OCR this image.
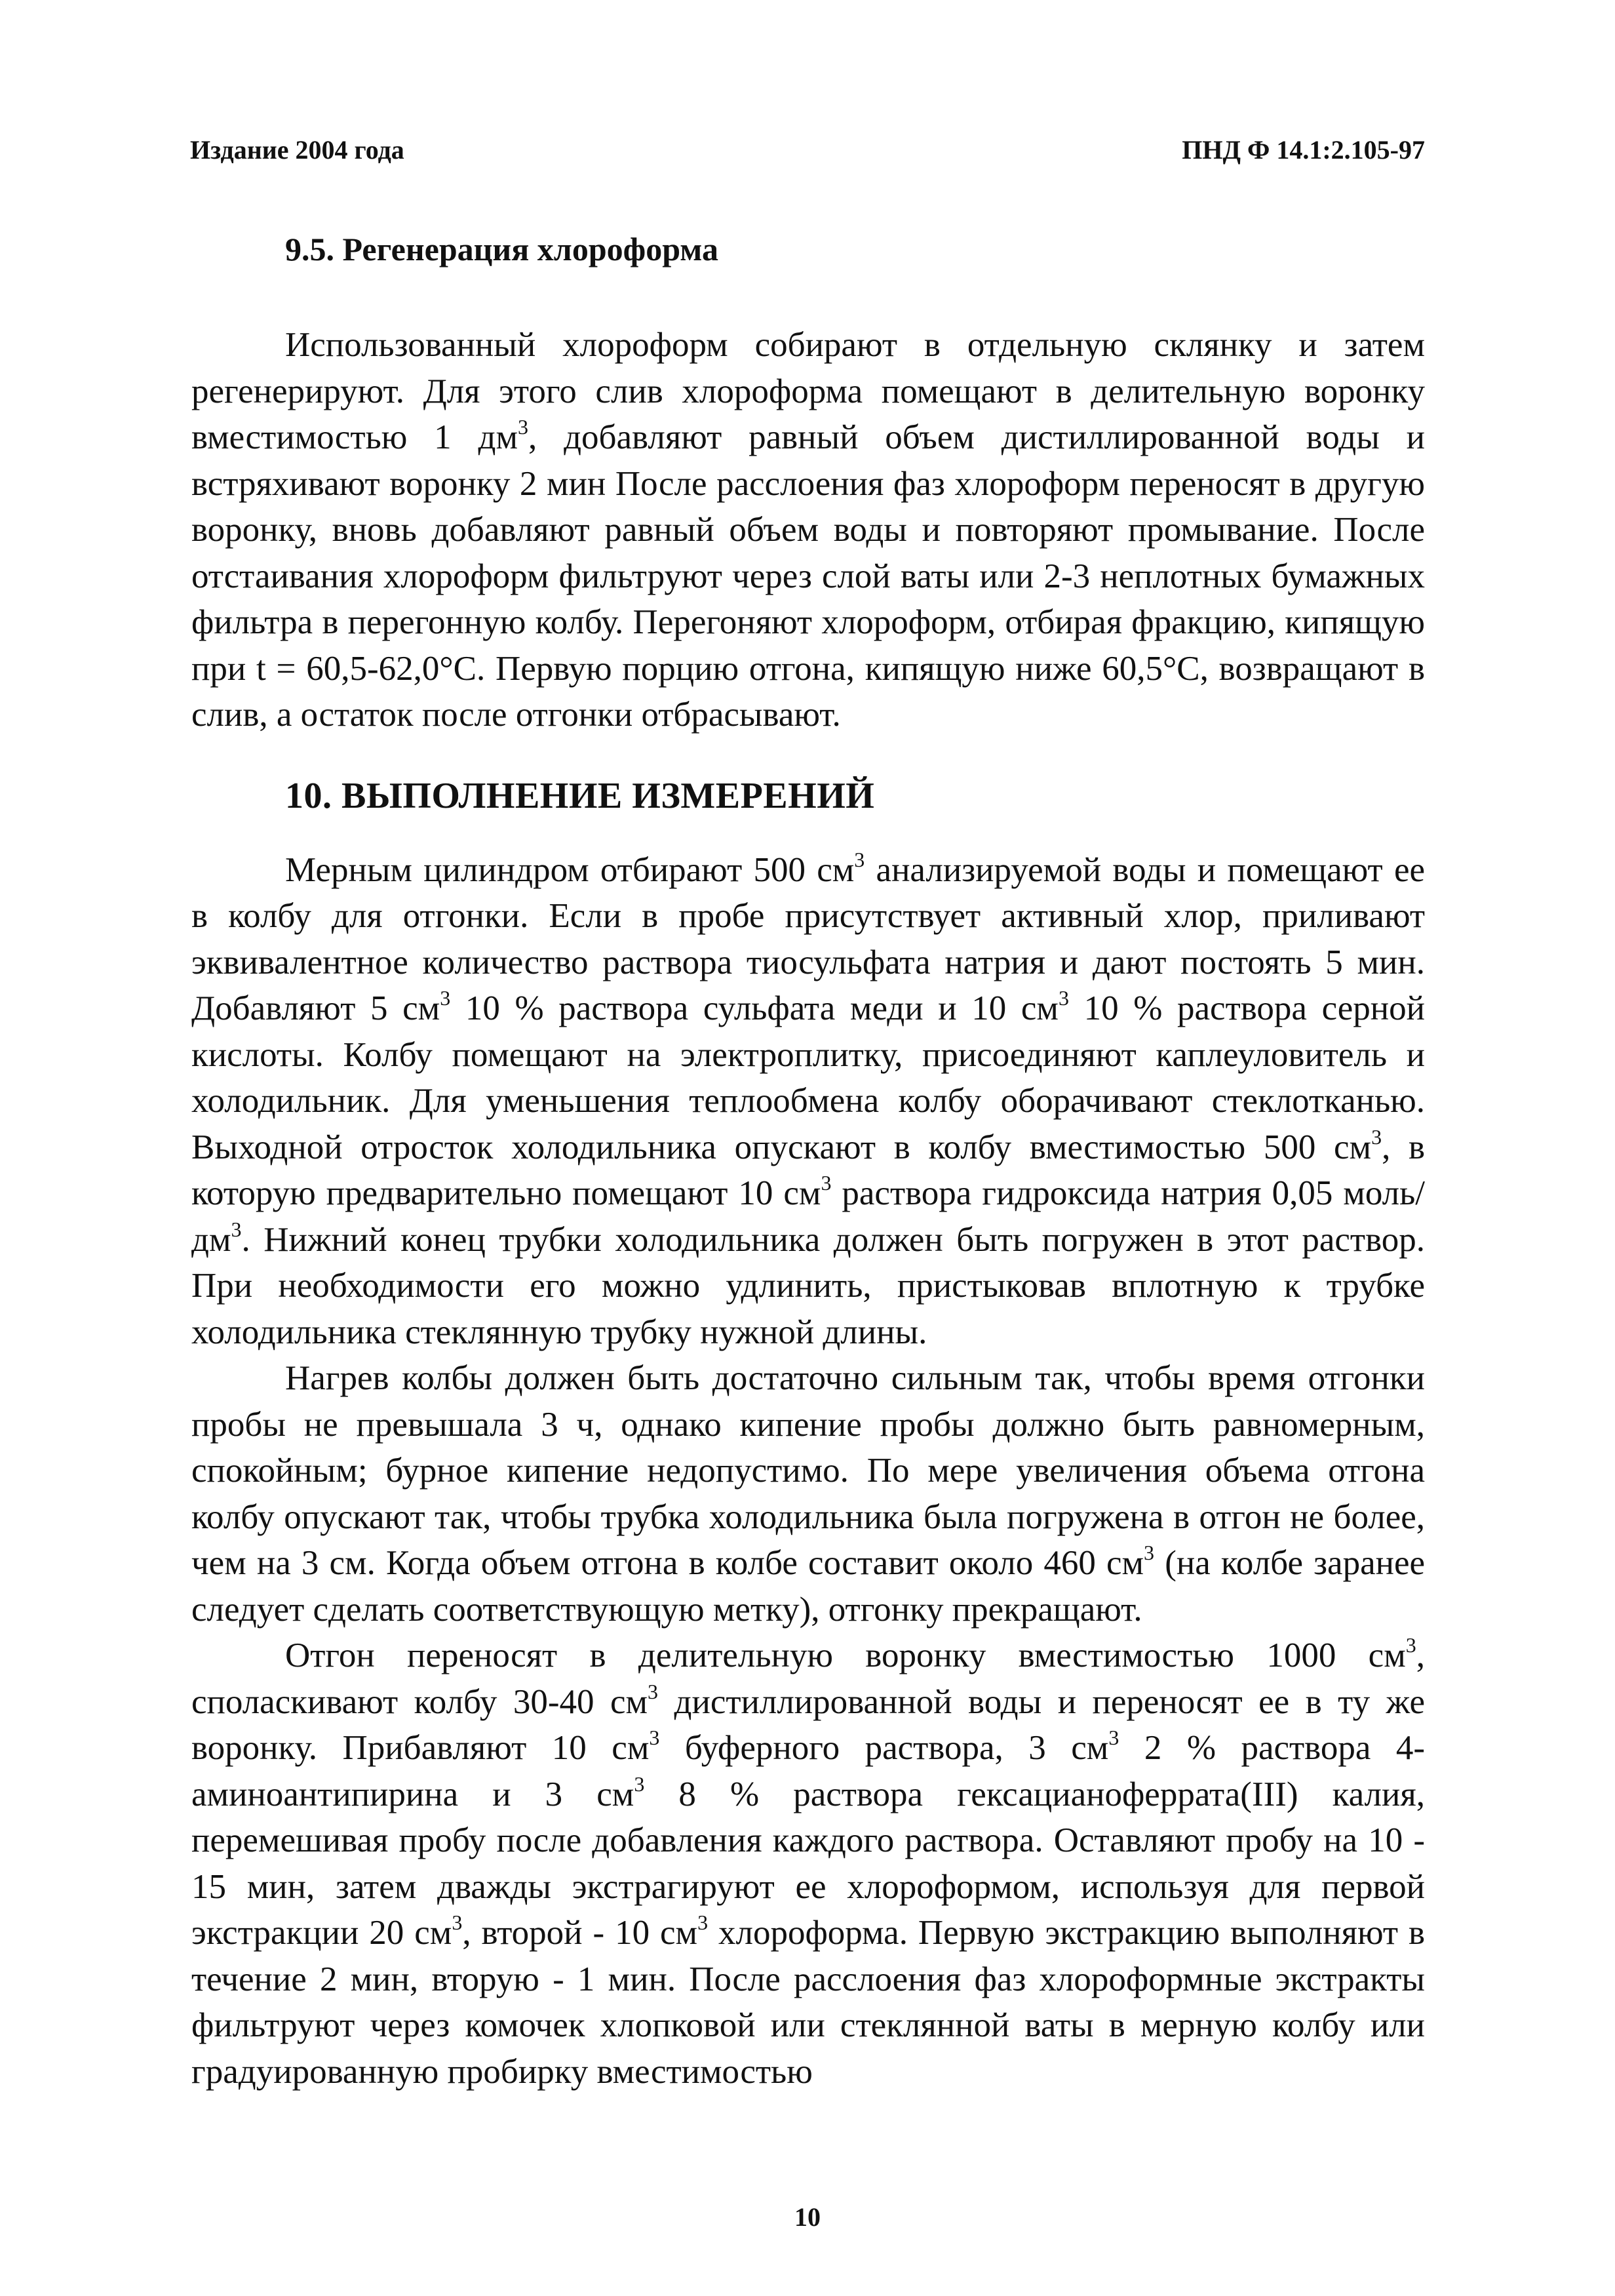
Издание 2004 года	ПНД Ф 14.1:2.105-97
9.5. Регенерация хлороформа

Использованный хлороформ собирают в отдельную склянку и затем регенерируют. Для этого слив хлороформа помещают в делительную воронку вместимостью 1 $дм^3$, добавляют равный объем дистиллированной воды и встряхивают воронку 2 мин После расслоения фаз хлороформ переносят в другую воронку, вновь добавляют равный объем воды и повторяют промывание. После отстаивания хлороформ фильтруют через слой ваты или 2-3 неплотных бумажных фильтра в перегонную колбу. Перегоняют хлороформ, отбирая фракцию, кипящую при t = 60,5-62,0°С. Первую порцию отгона, кипящую ниже 60,5°С, возвращают в слив, а остаток после отгонки отбрасывают.

10. ВЫПОЛНЕНИЕ ИЗМЕРЕНИЙ

Мерным цилиндром отбирают 500 $см^3$ анализируемой воды и помещают ее в колбу для отгонки. Если в пробе присутствует активный хлор, приливают эквивалентное количество раствора тиосульфата натрия и дают постоять 5 мин. Добавляют 5 $см^3$ 10 % раствора сульфата меди и 10 $см^3$ 10 % раствора серной кислоты. Колбу помещают на электроплитку, присоединяют каплеуловитель и холодильник. Для уменьшения теплообмена колбу оборачивают стеклотканью. Выходной отросток холодильника опускают в колбу вместимостью 500 $см^3$, в которую предварительно помещают 10 $см^3$ раствора гидроксида натрия 0,05 моль/$дм^3$. Нижний конец трубки холодильника должен быть погружен в этот раствор. При необходимости его можно удлинить, пристыковав вплотную к трубке холодильника стеклянную трубку нужной длины.

Нагрев колбы должен быть достаточно сильным так, чтобы время отгонки пробы не превышала 3 ч, однако кипение пробы должно быть равномерным, спокойным; бурное кипение недопустимо. По мере увеличения объема отгона колбу опускают так, чтобы трубка холодильника была погружена в отгон не более, чем на 3 см. Когда объем отгона в колбе составит около 460 $см^3$ (на колбе заранее следует сделать соответствующую метку), отгонку прекращают.

Отгон переносят в делительную воронку вместимостью 1000 $см^3$, споласкивают колбу 30-40 $см^3$ дистиллированной воды и переносят ее в ту же воронку. Прибавляют 10 $см^3$ буферного раствора, 3 $см^3$ 2 % раствора 4-аминоантипирина и 3 $см^3$ 8 % раствора гексацианоферрата(III) калия, перемешивая пробу после добавления каждого раствора. Оставляют пробу на 10 - 15 мин, затем дважды экстрагируют ее хлороформом, используя для первой экстракции 20 $см^3$, второй - 10 $см^3$ хлороформа. Первую экстракцию выполняют в течение 2 мин, вторую - 1 мин. После расслоения фаз хлороформные экстракты фильтруют через комочек хлопковой или стеклянной ваты в мерную колбу или градуированную пробирку вместимостью

10
